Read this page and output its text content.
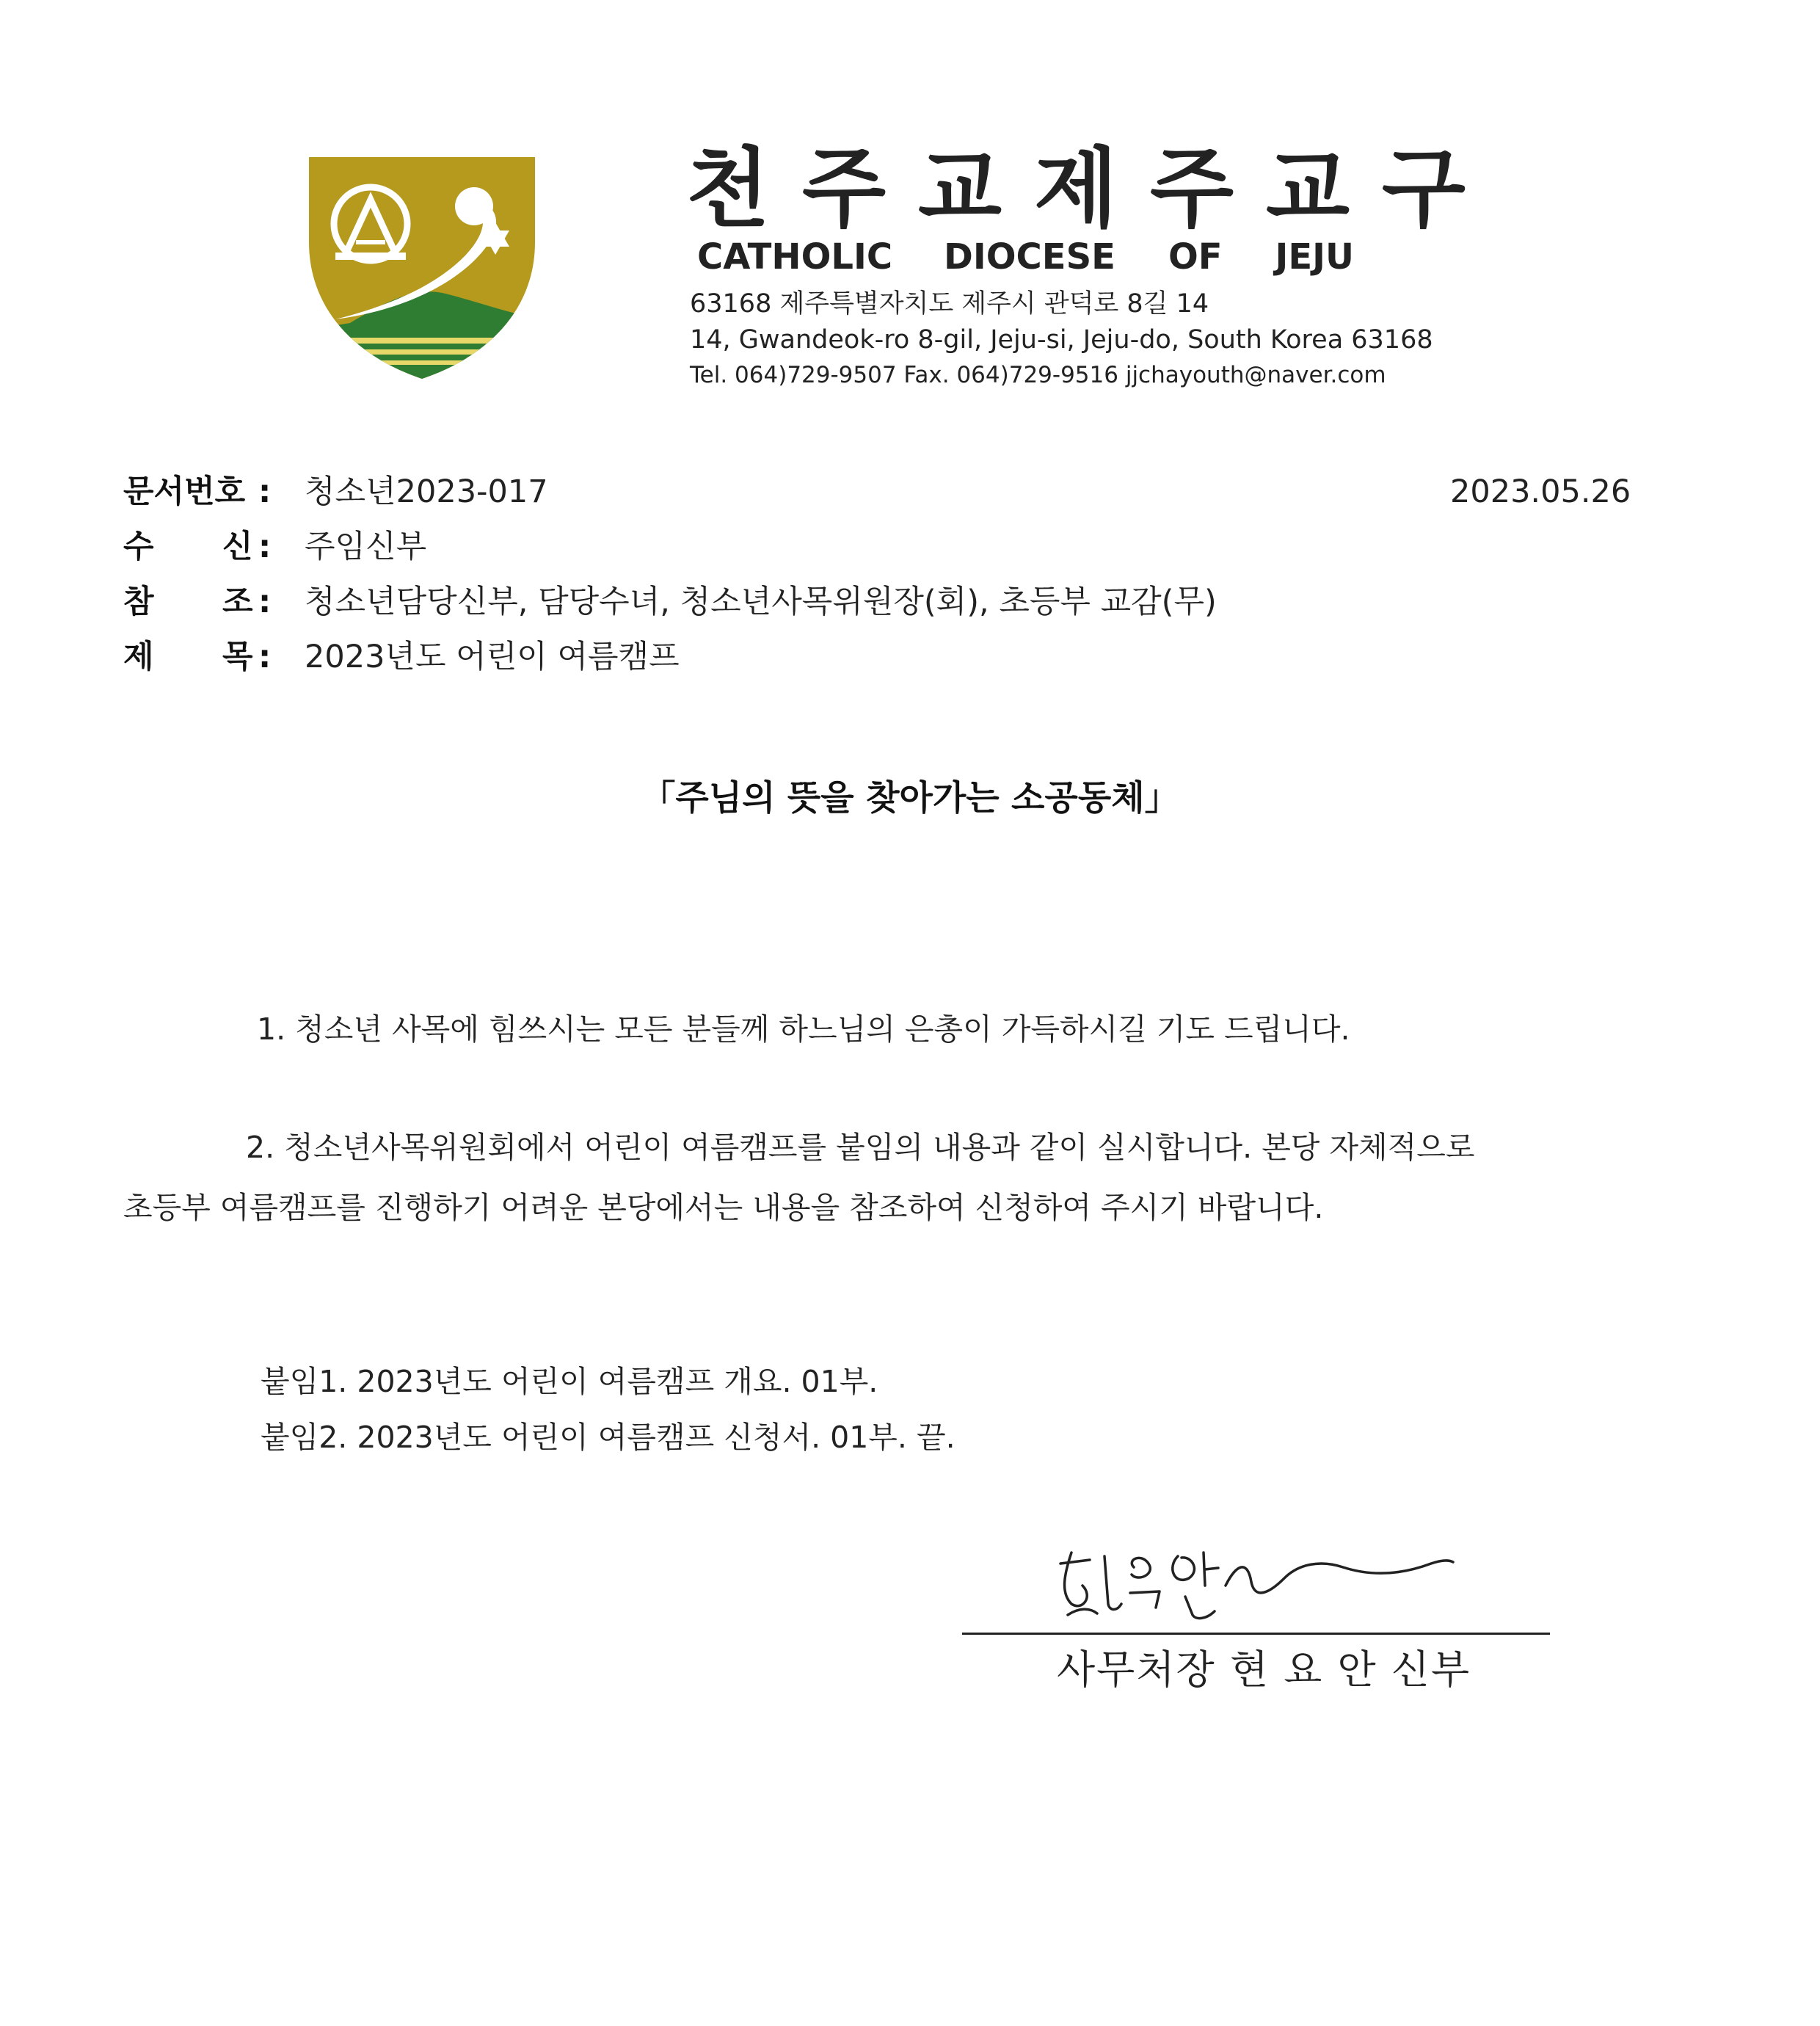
천주교제주교구
CATHOLIC DIOCESE OF JEJU
63168 제주특별자치도 제주시 관덕로 8길 14
14, Gwandeok-ro 8-gil, Jeju-si, Jeju-do, South Korea 63168
Tel. 064)729-9507 Fax. 064)729-9516 jjchayouth@naver.com
문서번호 : 청소년2023-017	2023.05.26
수 신 : 주임신부
참 조 : 청소년담당신부, 담당수녀, 청소년사목위원장(회), 초등부 교감(무)
제 목 : 2023년도 어린이 여름캠프
「주님의 뜻을 찾아가는 소공동체」
1. 청소년 사목에 힘쓰시는 모든 분들께 하느님의 은총이 가득하시길 기도 드립니다.
2. 청소년사목위원회에서 어린이 여름캠프를 붙임의 내용과 같이 실시합니다. 본당 자체적으로
초등부 여름캠프를 진행하기 어려운 본당에서는 내용을 참조하여 신청하여 주시기 바랍니다.
붙임1. 2023년도 어린이 여름캠프 개요. 01부.
붙임2. 2023년도 어린이 여름캠프 신청서. 01부. 끝.
사무처장 현 요 안 신부
